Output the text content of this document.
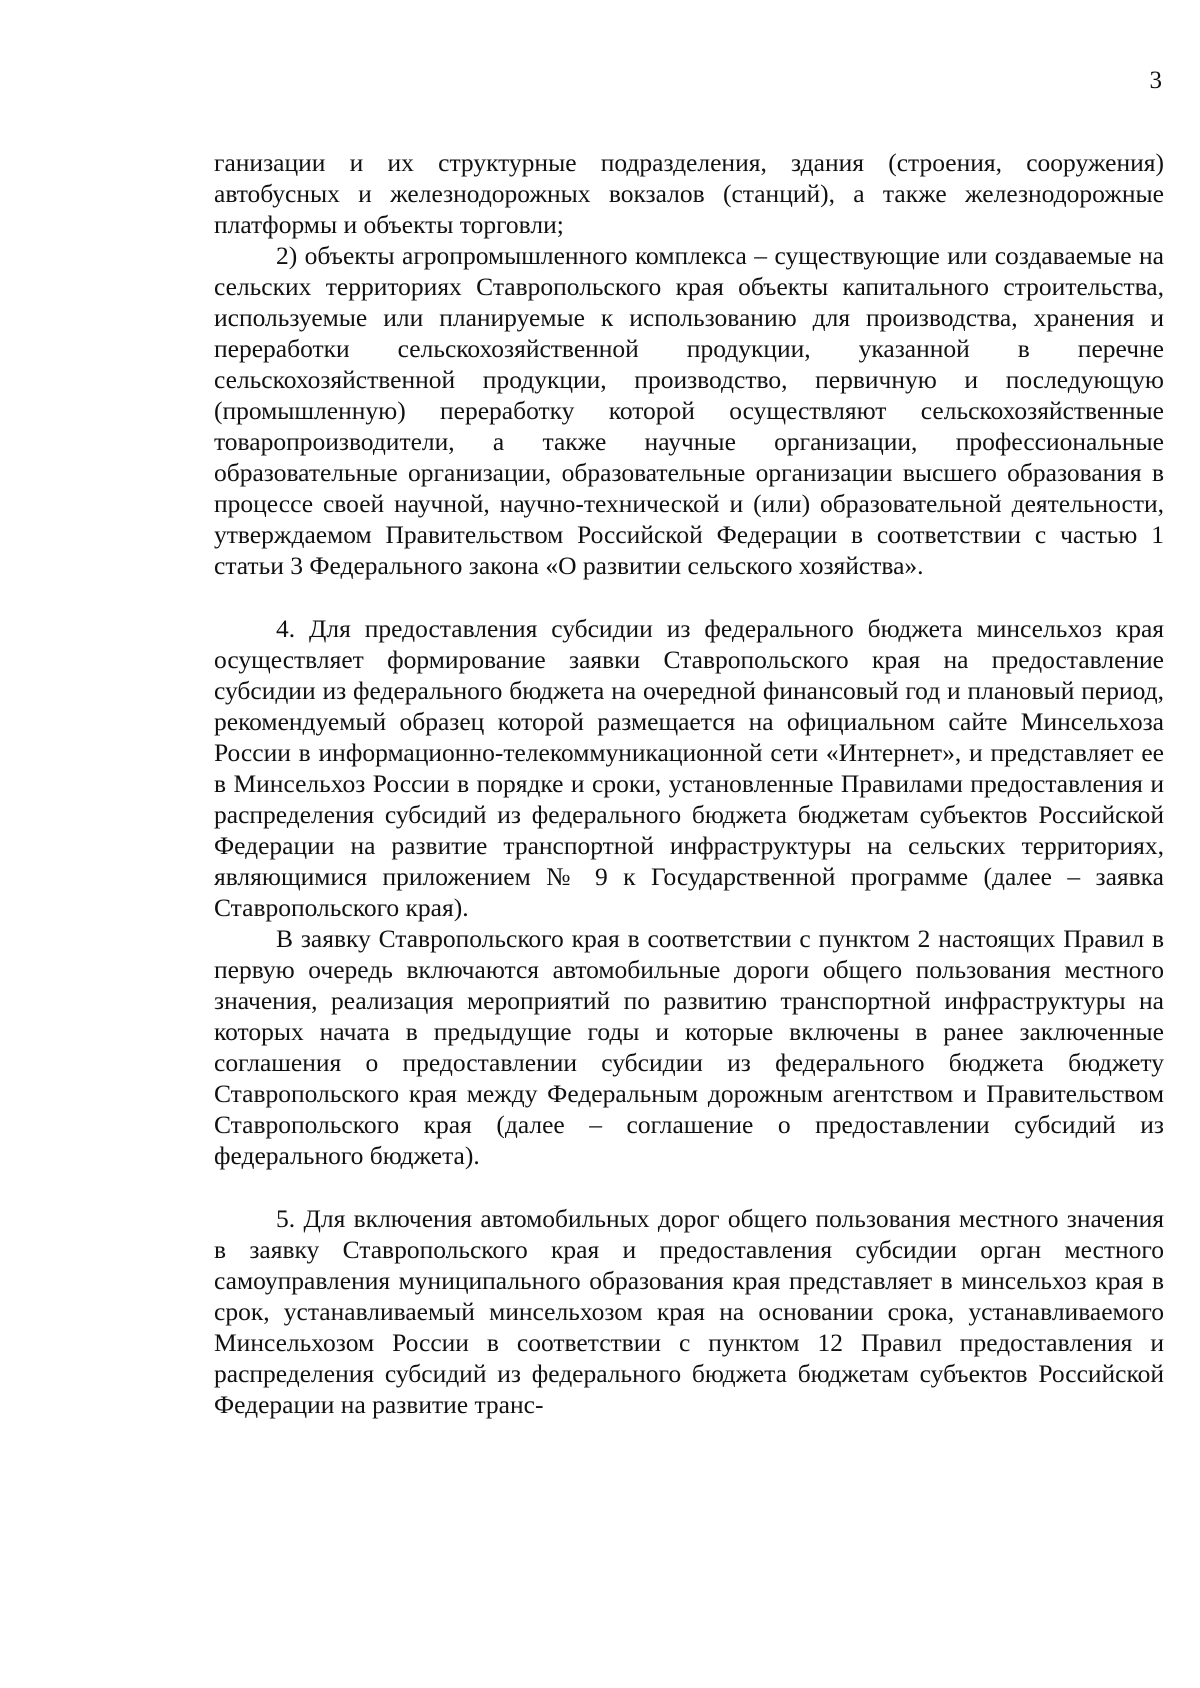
3

ганизации и их структурные подразделения, здания (строения, сооружения) автобусных и железнодорожных вокзалов (станций), а также железнодорожные платформы и объекты торговли;

2) объекты агропромышленного комплекса – существующие или создаваемые на сельских территориях Ставропольского края объекты капитального строительства, используемые или планируемые к использованию для производства, хранения и переработки сельскохозяйственной продукции, указанной в перечне сельскохозяйственной продукции, производство, первичную и последующую (промышленную) переработку которой осуществляют сельскохозяйственные товаропроизводители, а также научные организации, профессиональные образовательные организации, образовательные организации высшего образования в процессе своей научной, научно-технической и (или) образовательной деятельности, утверждаемом Правительством Российской Федерации в соответствии с частью 1 статьи 3 Федерального закона «О развитии сельского хозяйства».

4. Для предоставления субсидии из федерального бюджета минсельхоз края осуществляет формирование заявки Ставропольского края на предоставление субсидии из федерального бюджета на очередной финансовый год и плановый период, рекомендуемый образец которой размещается на официальном сайте Минсельхоза России в информационно-телекоммуникационной сети «Интернет», и представляет ее в Минсельхоз России в порядке и сроки, установленные Правилами предоставления и распределения субсидий из федерального бюджета бюджетам субъектов Российской Федерации на развитие транспортной инфраструктуры на сельских территориях, являющимися приложением № 9 к Государственной программе (далее – заявка Ставропольского края).

В заявку Ставропольского края в соответствии с пунктом 2 настоящих Правил в первую очередь включаются автомобильные дороги общего пользования местного значения, реализация мероприятий по развитию транспортной инфраструктуры на которых начата в предыдущие годы и которые включены в ранее заключенные соглашения о предоставлении субсидии из федерального бюджета бюджету Ставропольского края между Федеральным дорожным агентством и Правительством Ставропольского края (далее – соглашение о предоставлении субсидий из федерального бюджета).

5. Для включения автомобильных дорог общего пользования местного значения в заявку Ставропольского края и предоставления субсидии орган местного самоуправления муниципального образования края представляет в минсельхоз края в срок, устанавливаемый минсельхозом края на основании срока, устанавливаемого Минсельхозом России в соответствии с пунктом 12 Правил предоставления и распределения субсидий из федерального бюджета бюджетам субъектов Российской Федерации на развитие транс-
